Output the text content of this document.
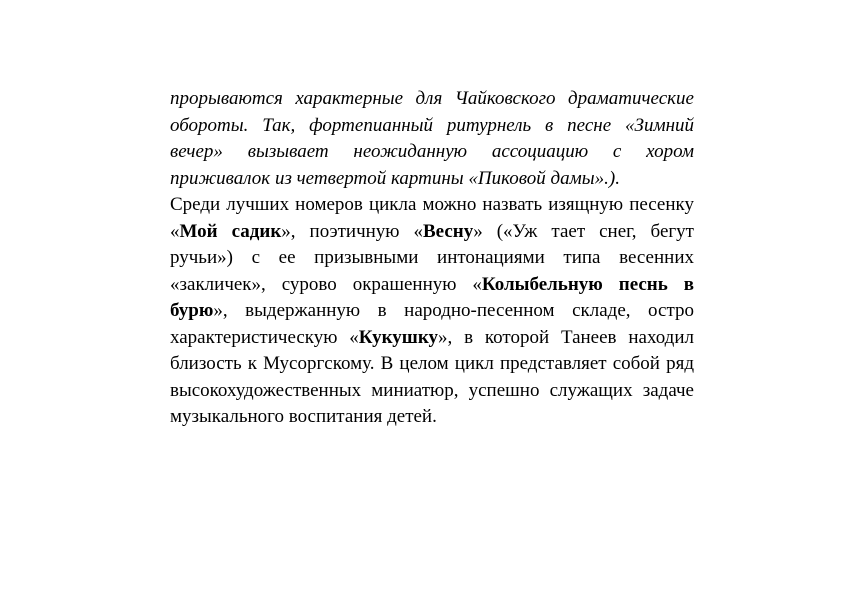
прорываются характерные для Чайковского драматические обороты. Так, фортепианный ритурнель в песне «Зимний вечер» вызывает неожиданную ассоциацию с хором приживалок из четвертой картины «Пиковой дамы».).

Среди лучших номеров цикла можно назвать изящную песенку «Мой садик», поэтичную «Весну» («Уж тает снег, бегут ручьи») с ее призывными интонациями типа весенних «закличек», сурово окрашенную «Колыбельную песнь в бурю», выдержанную в народно-песенном складе, остро характеристическую «Кукушку», в которой Танеев находил близость к Мусоргскому. В целом цикл представляет собой ряд высокохудожественных миниатюр, успешно служащих задаче музыкального воспитания детей.
